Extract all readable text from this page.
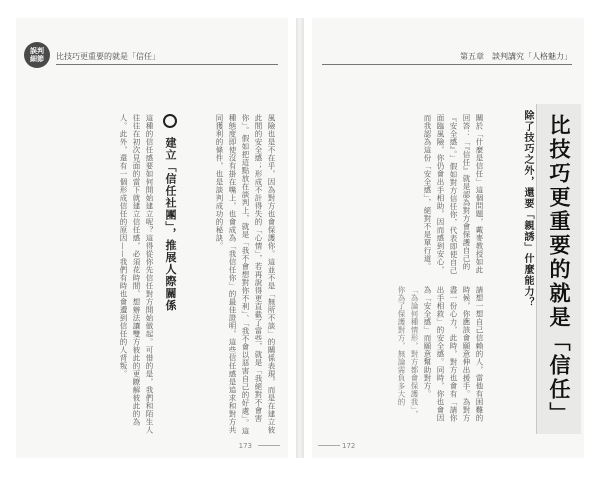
誤判
細節	比技巧更重要的就是「信任」

風險也是不在乎，因為對方也會保護你。這並不是「無所不談」的關係表現，而是在建立彼此間的安全感；形成不計得失的「心情」，若再說得更直截了當些，就是「我絕對不會害你」。假如把這點放在談判上，就是「我不會想對你不利」、「我不會以惡害自己的好處」。這種態度即使沒有掛在嘴上，也會成為「我信任你」的最佳證明，這些信任感是追求和對方共同獲利的條件，也是談判成功的秘訣。

建立「信任社團」，推展人際關係

這種的信任感要如何開始建立呢？這得從你先信任對方開始做起。可惜的是，我們和陌生人往往在初次見面的當下就建立信任感，必須花時間、想辦法讓雙方彼此的更瞭解彼此的為人。此外，還有一個形成信任的原因——我們有時也會遭到信任的人背叛。

173
第五章　談判講究「人格魅力」
比技巧更重要的就是「信任」
除了技巧之外，還要「親誘」什麼能力？

關於「什麼是信任」這個問題，戴麥教授如此回答：「『信任』就是認為對方會保護自己的『安全感』。」假如對方信任你，代表即使自己面臨風險，你仍會出手相助，因而感到安心，而我認為這份「安全感」，絕對不是單行道。

請想一想自己信賴的人，當他有困難的時候，你應該會願意伸出援手。為對方盡一份心力，此時，對方也會有「請你出手相救」的安全感。同時，你也會因為「安全感」而願意幫助對方。

「為論何種情形，對方都會保護我」，你為了保護對方，無論需負多大的

172
